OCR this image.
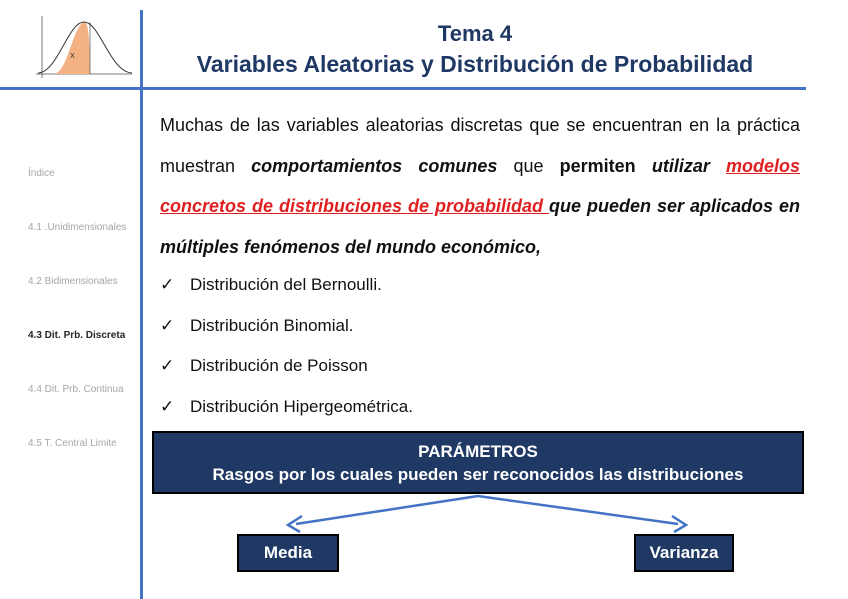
X
Tema 4
Variables Aleatorias y Distribución de Probabilidad
Índice
4.1 .Unidimensionales
4.2 Bidimensionales
4.3 Dit. Prb. Discreta
4.4 Dit. Prb. Continua
4.5 T. Central Limite
Muchas de las variables aleatorias discretas que se encuentran en la práctica muestran comportamientos comunes que permiten utilizar modelos concretos de distribuciones de probabilidad que pueden ser aplicados en múltiples fenómenos del mundo económico,
✓ Distribución del Bernoulli.
✓ Distribución Binomial.
✓ Distribución de Poisson
✓ Distribución Hipergeométrica.
PARÁMETROS
Rasgos por los cuales pueden ser reconocidos las distribuciones
Media	Varianza
